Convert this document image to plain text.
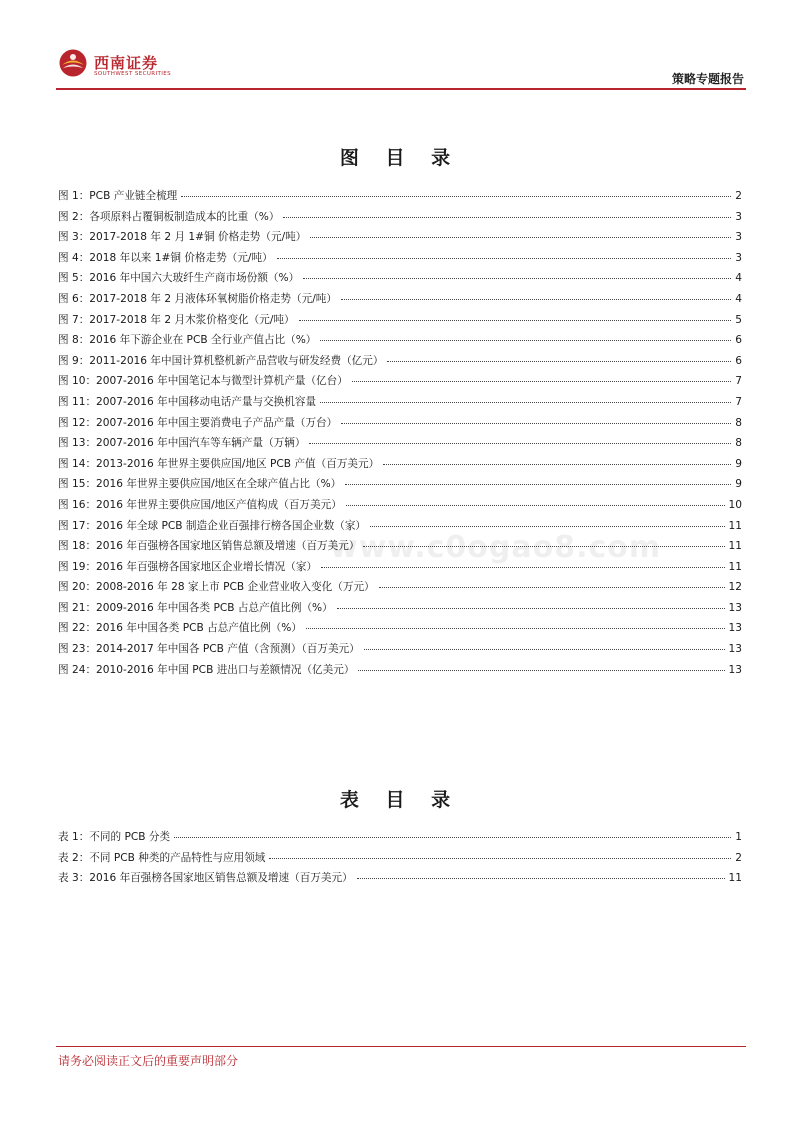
西南证券
SOUTHWEST SECURITIES	策略专题报告
图 目 录
图 1：PCB 产业链全梳理	2
图 2：各项原料占覆铜板制造成本的比重（%）	3
图 3：2017-2018 年 2 月 1#铜 价格走势（元/吨）	3
图 4：2018 年以来 1#铜 价格走势（元/吨）	3
图 5：2016 年中国六大玻纤生产商市场份额（%）	4
图 6：2017-2018 年 2 月液体环氧树脂价格走势（元/吨）	4
图 7：2017-2018 年 2 月木浆价格变化（元/吨）	5
图 8：2016 年下游企业在 PCB 全行业产值占比（%）	6
图 9：2011-2016 年中国计算机整机新产品营收与研发经费（亿元）	6
图 10：2007-2016 年中国笔记本与微型计算机产量（亿台）	7
图 11：2007-2016 年中国移动电话产量与交换机容量	7
图 12：2007-2016 年中国主要消费电子产品产量（万台）	8
图 13：2007-2016 年中国汽车等车辆产量（万辆）	8
图 14：2013-2016 年世界主要供应国/地区 PCB 产值（百万美元）	9
图 15：2016 年世界主要供应国/地区在全球产值占比（%）	9
图 16：2016 年世界主要供应国/地区产值构成（百万美元）	10
图 17：2016 年全球 PCB 制造企业百强排行榜各国企业数（家）	11
图 18：2016 年百强榜各国家地区销售总额及增速（百万美元）	11
图 19：2016 年百强榜各国家地区企业增长情况（家）	11
图 20：2008-2016 年 28 家上市 PCB 企业营业收入变化（万元）	12
图 21：2009-2016 年中国各类 PCB 占总产值比例（%）	13
图 22：2016 年中国各类 PCB 占总产值比例（%）	13
图 23：2014-2017 年中国各 PCB 产值（含预测）（百万美元）	13
图 24：2010-2016 年中国 PCB 进出口与差额情况（亿美元）	13
www.c0ogao8.com
表 目 录
表 1：不同的 PCB 分类	1
表 2：不同 PCB 种类的产品特性与应用领域	2
表 3：2016 年百强榜各国家地区销售总额及增速（百万美元）	11
请务必阅读正文后的重要声明部分
